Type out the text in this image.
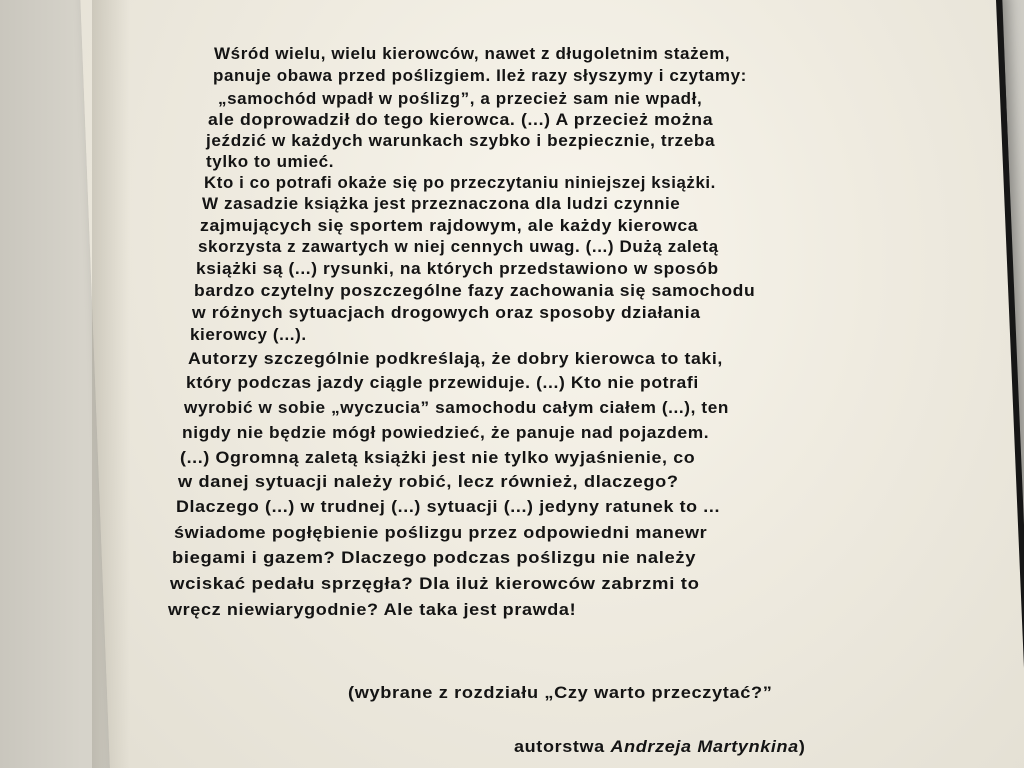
Wśród wielu, wielu kierowców, nawet z długoletnim stażem,

panuje obawa przed poślizgiem. Ileż razy słyszymy i czytamy:

„samochód wpadł w poślizg”, a przecież sam nie wpadł,

ale doprowadził do tego kierowca. (...) A przecież można

jeździć w każdych warunkach szybko i bezpiecznie, trzeba

tylko to umieć.

Kto i co potrafi okaże się po przeczytaniu niniejszej książki.

W zasadzie książka jest przeznaczona dla ludzi czynnie

zajmujących się sportem rajdowym, ale każdy kierowca

skorzysta z zawartych w niej cennych uwag. (...) Dużą zaletą

książki są (...) rysunki, na których przedstawiono w sposób

bardzo czytelny poszczególne fazy zachowania się samochodu

w różnych sytuacjach drogowych oraz sposoby działania

kierowcy (...).

Autorzy szczególnie podkreślają, że dobry kierowca to taki,

który podczas jazdy ciągle przewiduje. (...) Kto nie potrafi

wyrobić w sobie „wyczucia” samochodu całym ciałem (...), ten

nigdy nie będzie mógł powiedzieć, że panuje nad pojazdem.

(...) Ogromną zaletą książki jest nie tylko wyjaśnienie, co

w danej sytuacji należy robić, lecz również, dlaczego?

Dlaczego (...) w trudnej (...) sytuacji (...) jedyny ratunek to ...

świadome pogłębienie poślizgu przez odpowiedni manewr

biegami i gazem? Dlaczego podczas poślizgu nie należy

wciskać pedału sprzęgła? Dla iluż kierowców zabrzmi to

wręcz niewiarygodnie? Ale taka jest prawda!

(wybrane z rozdziału „Czy warto przeczytać?”

autorstwa Andrzeja Martynkina)
